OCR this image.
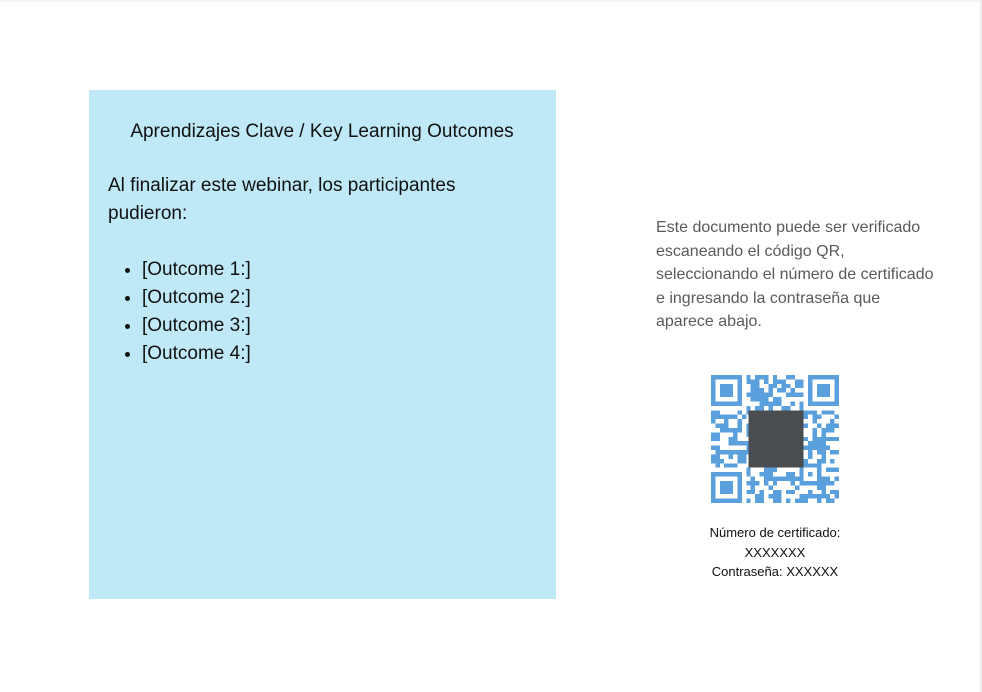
Aprendizajes Clave / Key Learning Outcomes

Al finalizar este webinar, los participantes pudieron:

• [Outcome 1:]
• [Outcome 2:]
• [Outcome 3:]
• [Outcome 4:]

Este documento puede ser verificado escaneando el código QR, seleccionando el número de certificado e ingresando la contraseña que aparece abajo.

Número de certificado:
XXXXXXX
Contraseña: XXXXXX
